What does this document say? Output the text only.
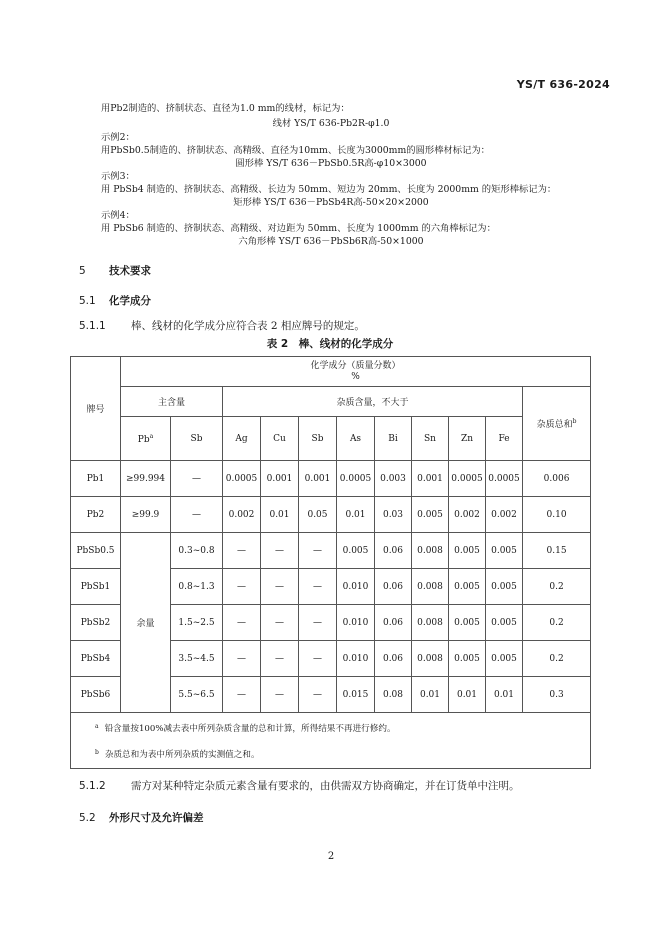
YS/T 636-2024
用Pb2制造的、挤制状态、直径为1.0 mm的线材，标记为：
线材 YS/T 636-Pb2R-φ1.0
示例2：
用PbSb0.5制造的、挤制状态、高精级、直径为10mm、长度为3000mm的圆形棒材标记为：
圆形棒 YS/T 636－PbSb0.5R高-φ10×3000
示例3：
用 PbSb4 制造的、挤制状态、高精级、长边为 50mm、短边为 20mm、长度为 2000mm 的矩形棒标记为：
矩形棒 YS/T 636－PbSb4R高-50×20×2000
示例4：
用 PbSb6 制造的、挤制状态、高精级、对边距为 50mm、长度为 1000mm 的六角棒标记为：
六角形棒 YS/T 636－PbSb6R高-50×1000
5 技术要求
5.1 化学成分
5.1.1 棒、线材的化学成分应符合表 2 相应牌号的规定。
表 2　棒、线材的化学成分
牌号	化学成分（质量分数）
%										

	主含量		杂质含量，不大于								杂质总和$^b$
	Pb$^a$	Sb	Ag	Cu	Sb	As	Bi	Sn	Zn	Fe	
Pb1	≥99.994	—	0.0005	0.001	0.001	0.0005	0.003	0.001	0.0005	0.0005	0.006
Pb2	≥99.9	—	0.002	0.01	0.05	0.01	0.03	0.005	0.002	0.002	0.10
PbSb0.5	余量	0.3~0.8	—	—	—	0.005	0.06	0.008	0.005	0.005	0.15
PbSb1		0.8~1.3	—	—	—	0.010	0.06	0.008	0.005	0.005	0.2
PbSb2		1.5~2.5	—	—	—	0.010	0.06	0.008	0.005	0.005	0.2
PbSb4		3.5~4.5	—	—	—	0.010	0.06	0.008	0.005	0.005	0.2
PbSb6		5.5~6.5	—	—	—	0.015	0.08	0.01	0.01	0.01	0.3

$^a$ 铅含量按100%减去表中所列杂质含量的总和计算，所得结果不再进行修约。
$^b$ 杂质总和为表中所列杂质的实测值之和。											
5.1.2 需方对某种特定杂质元素含量有要求的，由供需双方协商确定，并在订货单中注明。
5.2 外形尺寸及允许偏差
2
